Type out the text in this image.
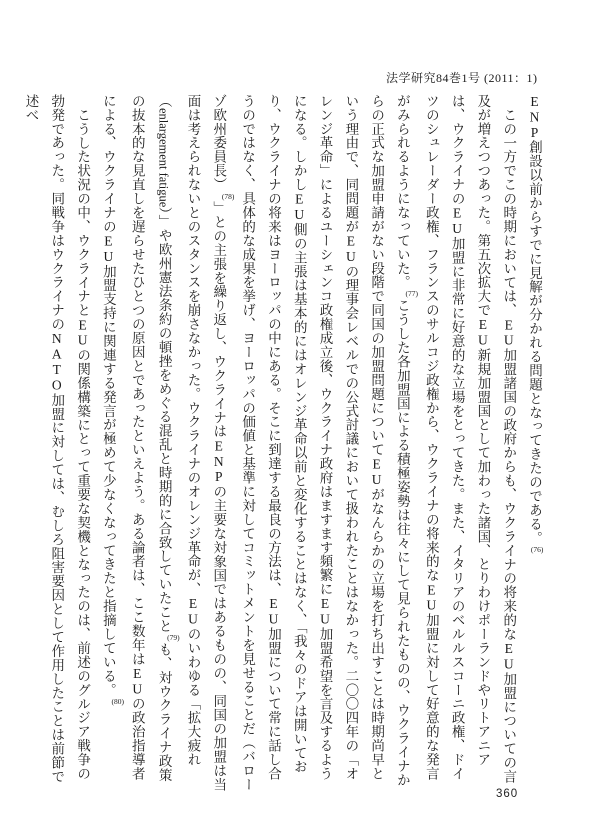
法学研究84巻1号 (2011：1)

ENP創設以前からすでに見解が分かれる問題となってきたのである。(76)

この一方でこの時期においては、EU加盟諸国の政府からも、ウクライナの将来的なEU加盟についての言及が増えつつあった。第五次拡大でEU新規加盟国として加わった諸国、とりわけポーランドやリトアニアは、ウクライナのEU加盟に非常に好意的な立場をとってきた。また、イタリアのベルルスコーニ政権、ドイツのシュレーダー政権、フランスのサルコジ政権から、ウクライナの将来的なEU加盟に対して好意的な発言がみられるようになっていた。(77)こうした各加盟国による積極姿勢は往々にして見られたものの、ウクライナからの正式な加盟申請がない段階で同国の加盟問題についてEUがなんらかの立場を打ち出すことは時期尚早という理由で、同問題がEUの理事会レベルでの公式討議において扱われたことはなかった。二〇〇四年の「オレンジ革命」によるユーシェンコ政権成立後、ウクライナ政府はますます頻繁にEU加盟希望を言及するようになる。しかしEU側の主張は基本的にはオレンジ革命以前と変化することはなく、「我々のドアは開いており、ウクライナの将来はヨーロッパの中にある。そこに到達する最良の方法は、EU加盟について常に話し合うのではなく、具体的な成果を挙げ、ヨーロッパの価値と基準に対してコミットメントを見せることだ（バローゾ欧州委員長）(78)」との主張を繰り返し、ウクライナはENPの主要な対象国ではあるものの、同国の加盟は当面は考えられないとのスタンスを崩さなかった。ウクライナのオレンジ革命が、EUのいわゆる「拡大疲れ（enlargement fatigue）」や欧州憲法条約の頓挫をめぐる混乱と時期的に合致していたこと(79)も、対ウクライナ政策の抜本的な見直しを遅らせたひとつの原因とであったといえよう。ある論者は、ここ数年はEUの政治指導者による、ウクライナのEU加盟支持に関連する発言が極めて少なくなってきたと指摘している。(80)

こうした状況の中、ウクライナとEUの関係構築にとって重要な契機となったのは、前述のグルジア戦争の勃発であった。同戦争はウクライナのNATO加盟に対しては、むしろ阻害要因として作用したことは前節で述べ

360
